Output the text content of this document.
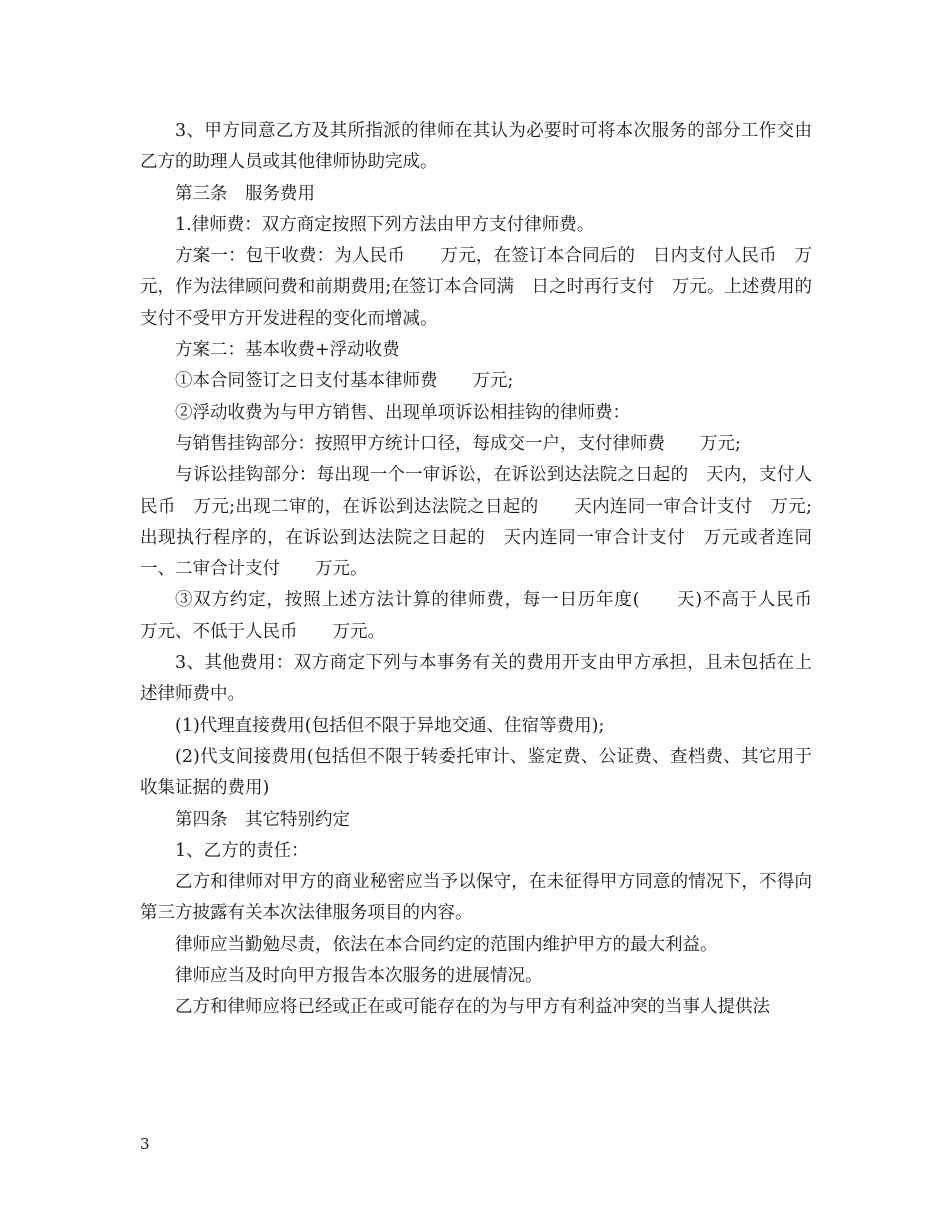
3、甲方同意乙方及其所指派的律师在其认为必要时可将本次服务的部分工作交由乙方的助理人员或其他律师协助完成。

第三条　服务费用

1.律师费：双方商定按照下列方法由甲方支付律师费。

方案一：包干收费：为人民币　　万元，在签订本合同后的　日内支付人民币　万元，作为法律顾问费和前期费用;在签订本合同满　日之时再行支付　万元。上述费用的支付不受甲方开发进程的变化而增减。

方案二：基本收费+浮动收费

①本合同签订之日支付基本律师费　　万元;

②浮动收费为与甲方销售、出现单项诉讼相挂钩的律师费：

与销售挂钩部分：按照甲方统计口径，每成交一户，支付律师费　　万元;

与诉讼挂钩部分：每出现一个一审诉讼，在诉讼到达法院之日起的　天内，支付人民币　万元;出现二审的，在诉讼到达法院之日起的　　天内连同一审合计支付　万元;出现执行程序的，在诉讼到达法院之日起的　天内连同一审合计支付　万元或者连同一、二审合计支付　　万元。

③双方约定，按照上述方法计算的律师费，每一日历年度(　　天)不高于人民币　　万元、不低于人民币　　万元。

3、其他费用：双方商定下列与本事务有关的费用开支由甲方承担，且未包括在上述律师费中。

(1)代理直接费用(包括但不限于异地交通、住宿等费用);

(2)代支间接费用(包括但不限于转委托审计、鉴定费、公证费、查档费、其它用于收集证据的费用)

第四条　其它特别约定

1、乙方的责任：

乙方和律师对甲方的商业秘密应当予以保守，在未征得甲方同意的情况下，不得向第三方披露有关本次法律服务项目的内容。

律师应当勤勉尽责，依法在本合同约定的范围内维护甲方的最大利益。

律师应当及时向甲方报告本次服务的进展情况。

乙方和律师应将已经或正在或可能存在的为与甲方有利益冲突的当事人提供法

3
